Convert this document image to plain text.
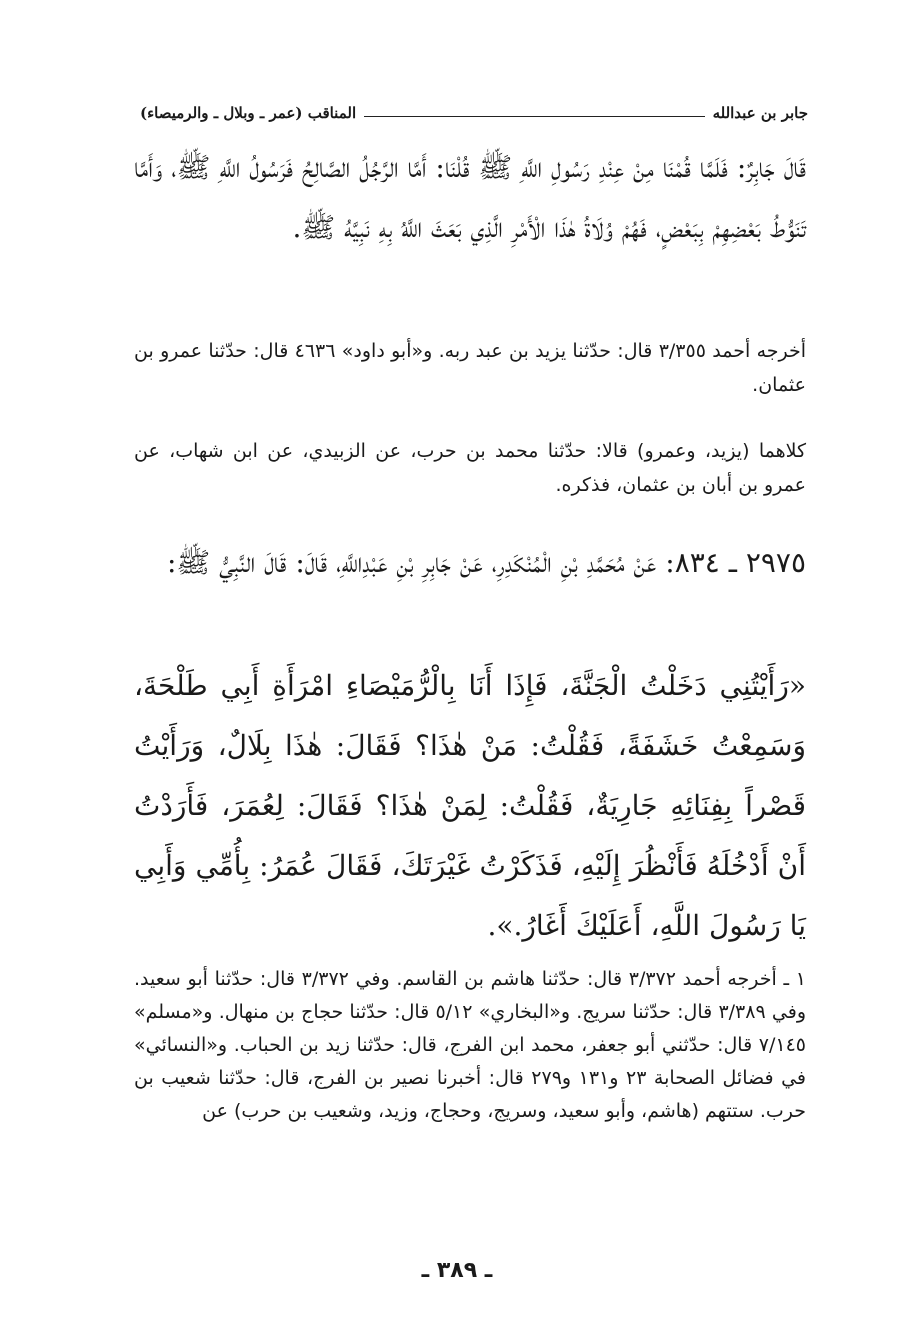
جابر بن عبدالله
المناقب (عمر ـ وبلال ـ والرميصاء)

قَالَ جَابِرٌ: فَلَمَّا قُمْنَا مِنْ عِنْدِ رَسُولِ اللَّهِ ﷺ قُلْنَا: أَمَّا الرَّجُلُ الصَّالِحُ فَرَسُولُ اللَّهِ ﷺ، وَأَمَّا تَنَوُّطُ بَعْضِهِمْ بِبَعْضٍ، فَهُمْ وُلَاةُ هٰذَا الْأَمْرِ الَّذِي بَعَثَ اللَّهُ بِهِ نَبِيَّهُ ﷺ.

أخرجه أحمد ٣/٣٥٥ قال: حدّثنا يزيد بن عبد ربه. و«أبو داود» ٤٦٣٦ قال: حدّثنا عمرو بن عثمان.

كلاهما (يزيد، وعمرو) قالا: حدّثنا محمد بن حرب، عن الزبيدي، عن ابن شهاب، عن عمرو بن أبان بن عثمان، فذكره.

٢٩٧٥ ـ ٨٣٤: عَنْ مُحَمَّدِ بْنِ الْمُنْكَدِرِ، عَنْ جَابِرِ بْنِ عَبْدِاللَّهِ، قَالَ: قَالَ النَّبِيُّ ﷺ:

«رَأَيْتُنِي دَخَلْتُ الْجَنَّةَ، فَإِذَا أَنَا بِالْرُّمَيْصَاءِ امْرَأَةِ أَبِي طَلْحَةَ، وَسَمِعْتُ خَشَفَةً، فَقُلْتُ: مَنْ هٰذَا؟ فَقَالَ: هٰذَا بِلَالٌ، وَرَأَيْتُ قَصْراً بِفِنَائِهِ جَارِيَةٌ، فَقُلْتُ: لِمَنْ هٰذَا؟ فَقَالَ: لِعُمَرَ، فَأَرَدْتُ أَنْ أَدْخُلَهُ فَأَنْظُرَ إِلَيْهِ، فَذَكَرْتُ غَيْرَتَكَ، فَقَالَ عُمَرُ: بِأُمِّي وَأَبِي يَا رَسُولَ اللَّهِ، أَعَلَيْكَ أَغَارُ.».

١ ـ أخرجه أحمد ٣/٣٧٢ قال: حدّثنا هاشم بن القاسم. وفي ٣/٣٧٢ قال: حدّثنا أبو سعيد. وفي ٣/٣٨٩ قال: حدّثنا سريج. و«البخاري» ٥/١٢ قال: حدّثنا حجاج بن منهال. و«مسلم» ٧/١٤٥ قال: حدّثني أبو جعفر، محمد ابن الفرج، قال: حدّثنا زيد بن الحباب. و«النسائي» في فضائل الصحابة ٢٣ و١٣١ و٢٧٩ قال: أخبرنا نصير بن الفرج، قال: حدّثنا شعيب بن حرب. ستتهم (هاشم، وأبو سعيد، وسريج، وحجاج، وزيد، وشعيب بن حرب) عن

ـ ٣٨٩ ـ
